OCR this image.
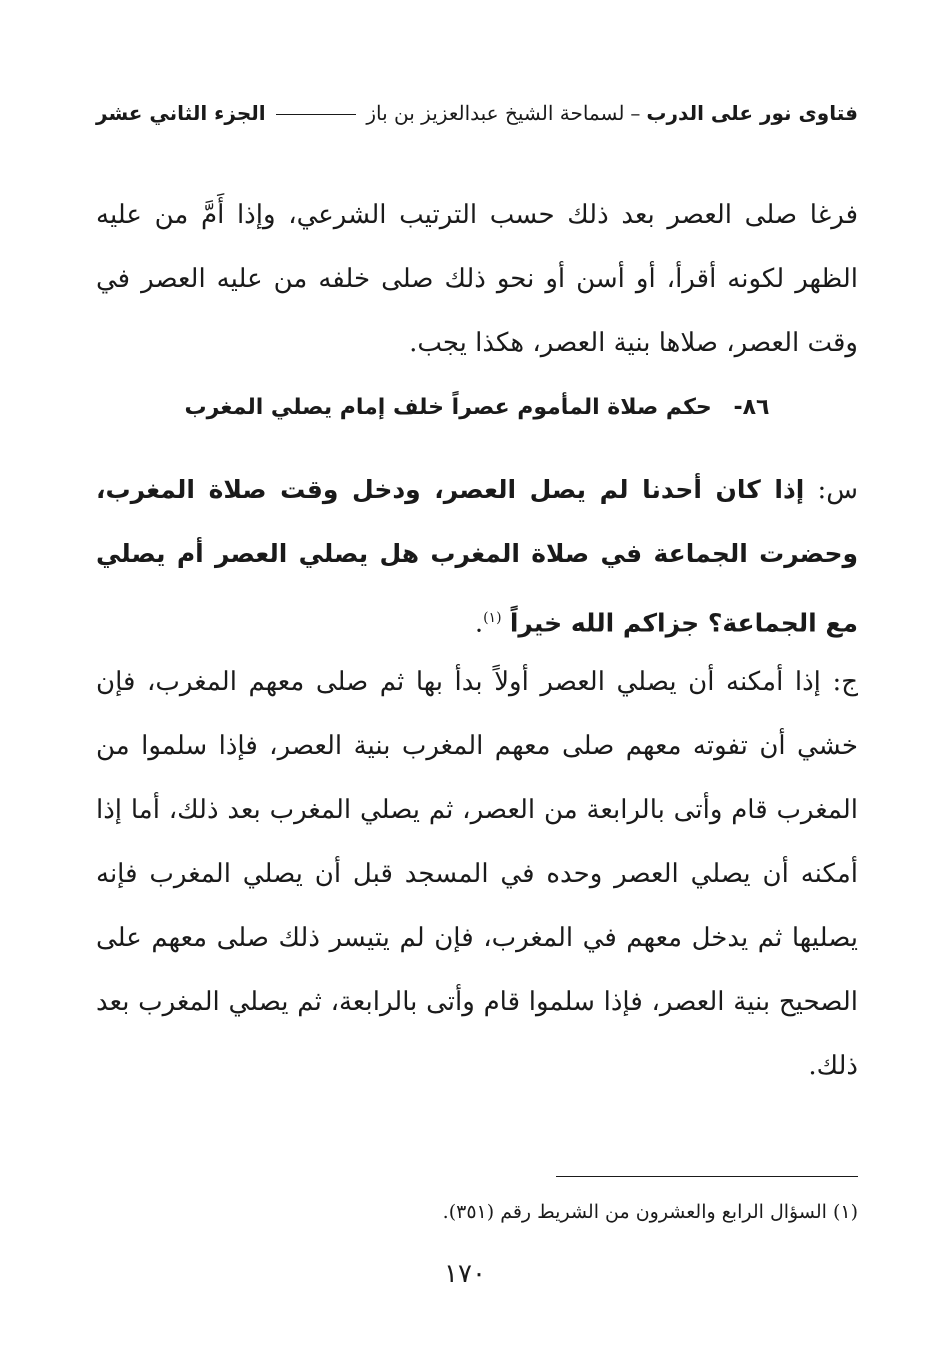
فتاوى نور على الدرب
–
لسماحة الشيخ عبدالعزيز بن باز
الجزء الثاني عشر

فرغا صلى العصر بعد ذلك حسب الترتيب الشرعي، وإذا أَمَّ من عليه الظهر لكونه أقرأ، أو أسن أو نحو ذلك صلى خلفه من عليه العصر في وقت العصر، صلاها بنية العصر، هكذا يجب.

٨٦- حكم صلاة المأموم عصراً خلف إمام يصلي المغرب

س: إذا كان أحدنا لم يصل العصر، ودخل وقت صلاة المغرب، وحضرت الجماعة في صلاة المغرب هل يصلي العصر أم يصلي مع الجماعة؟ جزاكم الله خيراً $^{(١)}$.

ج: إذا أمكنه أن يصلي العصر أولاً بدأ بها ثم صلى معهم المغرب، فإن خشي أن تفوته معهم صلى معهم المغرب بنية العصر، فإذا سلموا من المغرب قام وأتى بالرابعة من العصر، ثم يصلي المغرب بعد ذلك، أما إذا أمكنه أن يصلي العصر وحده في المسجد قبل أن يصلي المغرب فإنه يصليها ثم يدخل معهم في المغرب، فإن لم يتيسر ذلك صلى معهم على الصحيح بنية العصر، فإذا سلموا قام وأتى بالرابعة، ثم يصلي المغرب بعد ذلك.

(١) السؤال الرابع والعشرون من الشريط رقم (٣٥١).

١٧٠
